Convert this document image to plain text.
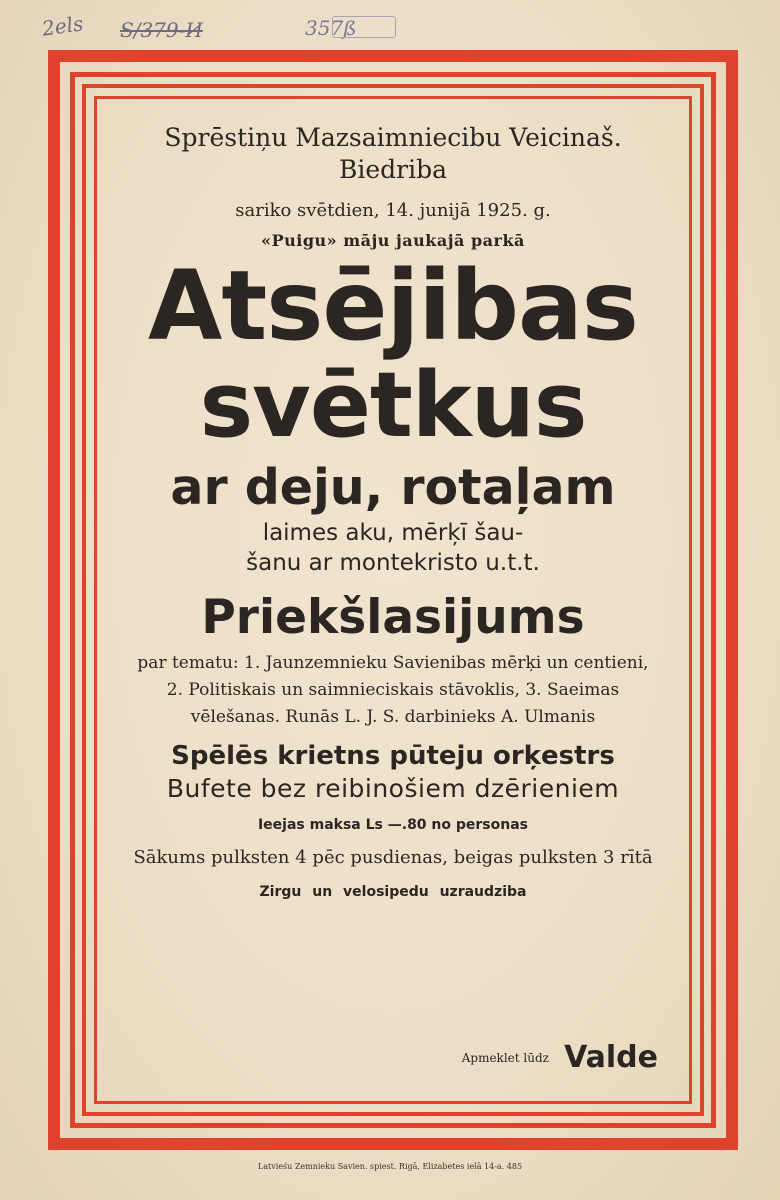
2els S/379-И	357ß
Sprēstiņu Mazsaimniecibu Veicinaš.
Biedriba
sariko svētdien, 14. junijā 1925. g.
«Puigu» māju jaukajā parkā
Atsējibas
svētkus
ar deju, rotaļam
laimes aku, mērķī šau-
šanu ar montekristo u.t.t.
Priekšlasijums
par tematu: 1. Jaunzemnieku Savienibas mērķi un centieni,
2. Politiskais un saimnieciskais stāvoklis, 3. Saeimas
vēlešanas. Runās L. J. S. darbinieks A. Ulmanis
Spēlēs krietns pūteju orķestrs
Bufete bez reibinošiem dzērieniem
Ieejas maksa Ls —.80 no personas
Sākums pulksten 4 pēc pusdienas, beigas pulksten 3 rītā
Zirgu un velosipedu uzraudziba
Apmeklet lūdz Valde
Latvieśu Zemnieku Savien. spiest. Rigā, Elizabetes ielā 14-a. 485
